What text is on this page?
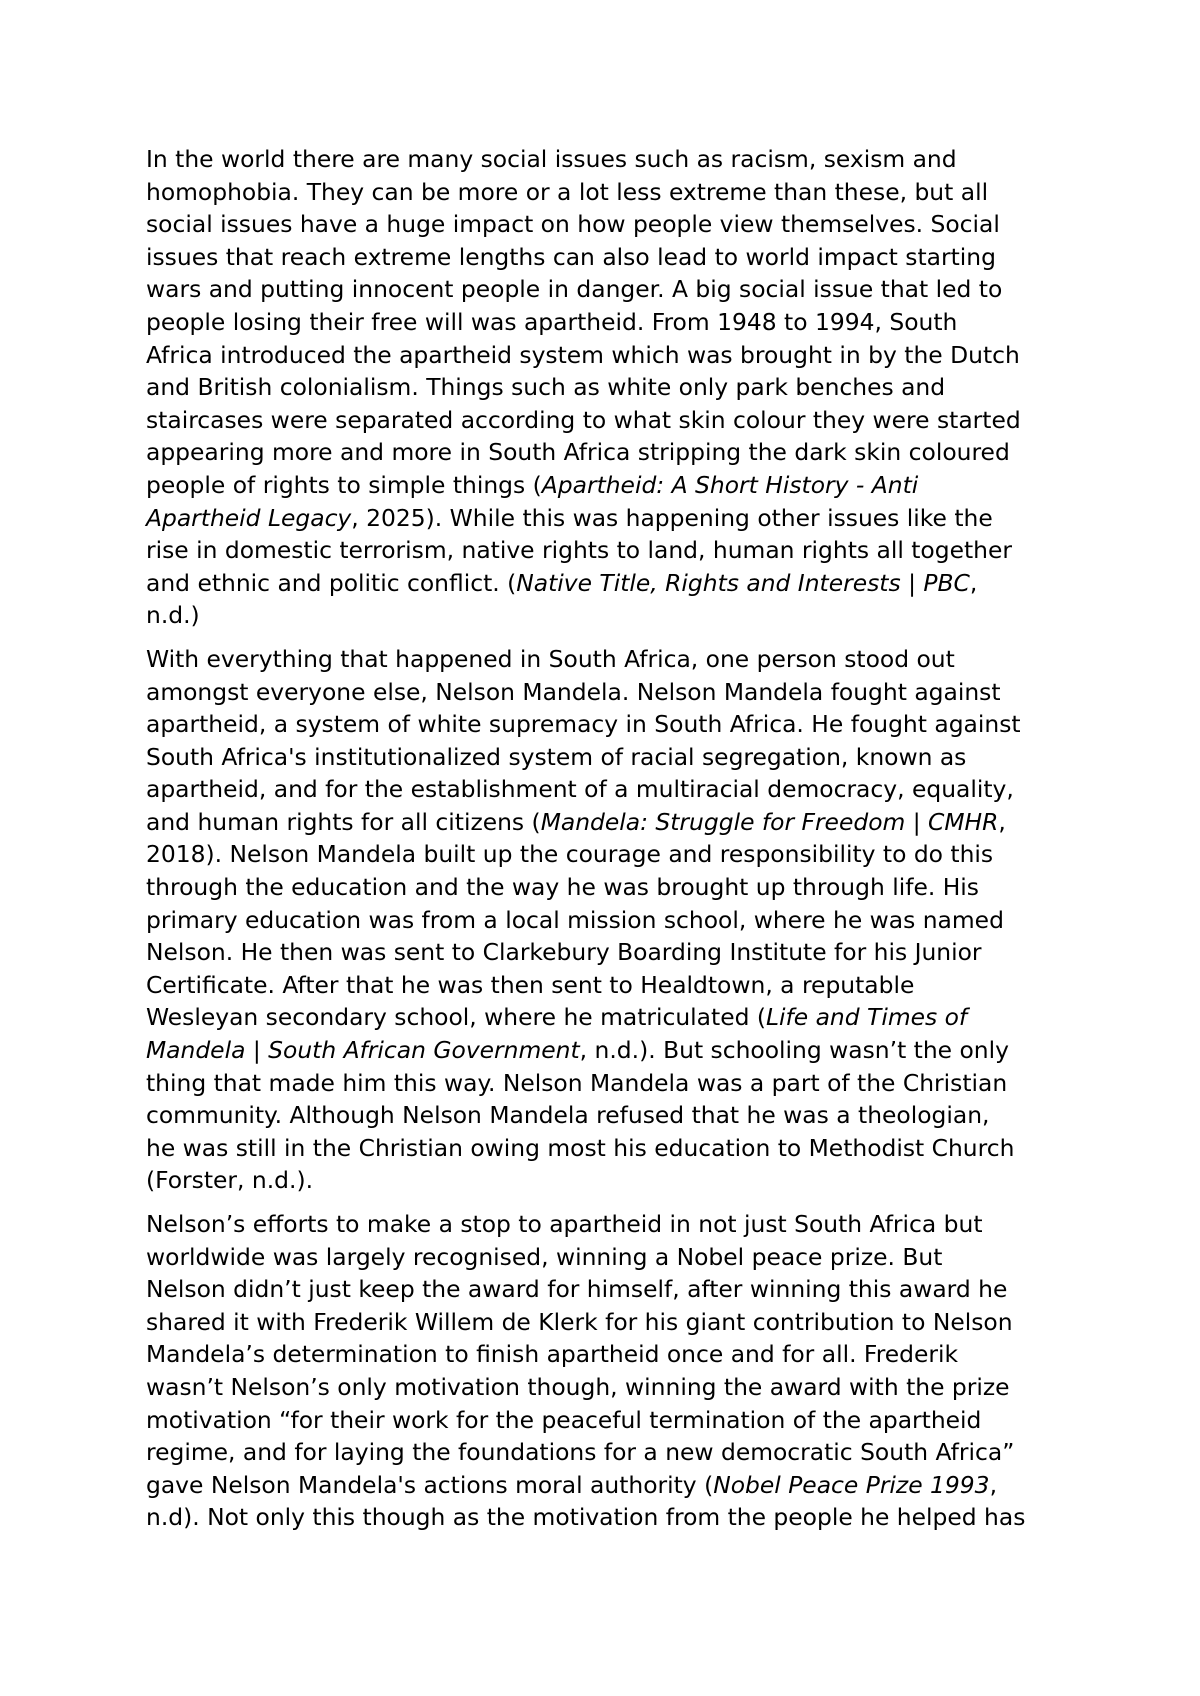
In the world there are many social issues such as racism, sexism and
homophobia. They can be more or a lot less extreme than these, but all
social issues have a huge impact on how people view themselves. Social
issues that reach extreme lengths can also lead to world impact starting
wars and putting innocent people in danger. A big social issue that led to
people losing their free will was apartheid. From 1948 to 1994, South
Africa introduced the apartheid system which was brought in by the Dutch
and British colonialism. Things such as white only park benches and
staircases were separated according to what skin colour they were started
appearing more and more in South Africa stripping the dark skin coloured
people of rights to simple things (Apartheid: A Short History - Anti
Apartheid Legacy, 2025). While this was happening other issues like the
rise in domestic terrorism, native rights to land, human rights all together
and ethnic and politic conflict. (Native Title, Rights and Interests | PBC,
n.d.)

With everything that happened in South Africa, one person stood out
amongst everyone else, Nelson Mandela. Nelson Mandela fought against
apartheid, a system of white supremacy in South Africa. He fought against
South Africa's institutionalized system of racial segregation, known as
apartheid, and for the establishment of a multiracial democracy, equality,
and human rights for all citizens (Mandela: Struggle for Freedom | CMHR,
2018). Nelson Mandela built up the courage and responsibility to do this
through the education and the way he was brought up through life. His
primary education was from a local mission school, where he was named
Nelson. He then was sent to Clarkebury Boarding Institute for his Junior
Certificate. After that he was then sent to Healdtown, a reputable
Wesleyan secondary school, where he matriculated (Life and Times of
Mandela | South African Government, n.d.). But schooling wasn’t the only
thing that made him this way. Nelson Mandela was a part of the Christian
community. Although Nelson Mandela refused that he was a theologian,
he was still in the Christian owing most his education to Methodist Church
(Forster, n.d.).

Nelson’s efforts to make a stop to apartheid in not just South Africa but
worldwide was largely recognised, winning a Nobel peace prize. But
Nelson didn’t just keep the award for himself, after winning this award he
shared it with Frederik Willem de Klerk for his giant contribution to Nelson
Mandela’s determination to finish apartheid once and for all. Frederik
wasn’t Nelson’s only motivation though, winning the award with the prize
motivation “for their work for the peaceful termination of the apartheid
regime, and for laying the foundations for a new democratic South Africa”
gave Nelson Mandela's actions moral authority (Nobel Peace Prize 1993,
n.d). Not only this though as the motivation from the people he helped has
